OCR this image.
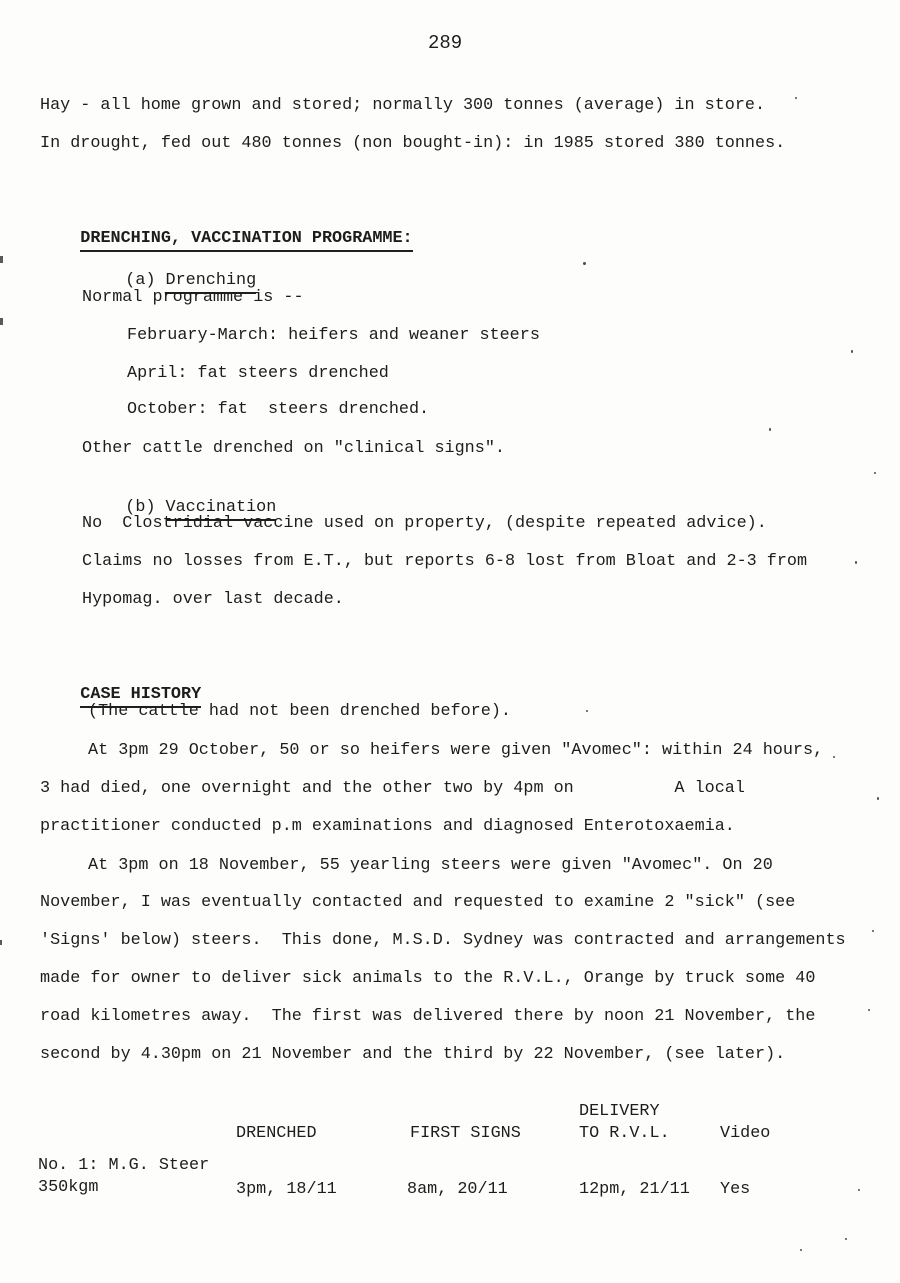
289
Hay - all home grown and stored; normally 300 tonnes (average) in store.
In drought, fed out 480 tonnes (non bought-in): in 1985 stored 380 tonnes.

DRENCHING, VACCINATION PROGRAMME:

(a) Drenching

Normal programme is --
February-March: heifers and weaner steers
April: fat steers drenched
October: fat  steers drenched.
Other cattle drenched on "clinical signs".

(b) Vaccination

No  Clostridial vaccine used on property, (despite repeated advice).
Claims no losses from E.T., but reports 6-8 lost from Bloat and 2-3 from
Hypomag. over last decade.

CASE HISTORY

(The cattle had not been drenched before).
At 3pm 29 October, 50 or so heifers were given "Avomec": within 24 hours,
3 had died, one overnight and the other two by 4pm on          A local
practitioner conducted p.m examinations and diagnosed Enterotoxaemia.
At 3pm on 18 November, 55 yearling steers were given "Avomec". On 20
November, I was eventually contacted and requested to examine 2 "sick" (see
'Signs' below) steers.  This done, M.S.D. Sydney was contracted and arrangements
made for owner to deliver sick animals to the R.V.L., Orange by truck some 40
road kilometres away.  The first was delivered there by noon 21 November, the
second by 4.30pm on 21 November and the third by 22 November, (see later).
DELIVERY
DRENCHED	FIRST SIGNS	TO R.V.L.	Video
No. 1: M.G. Steer
350kgm	3pm, 18/11	8am, 20/11	12pm, 21/11 Yes
